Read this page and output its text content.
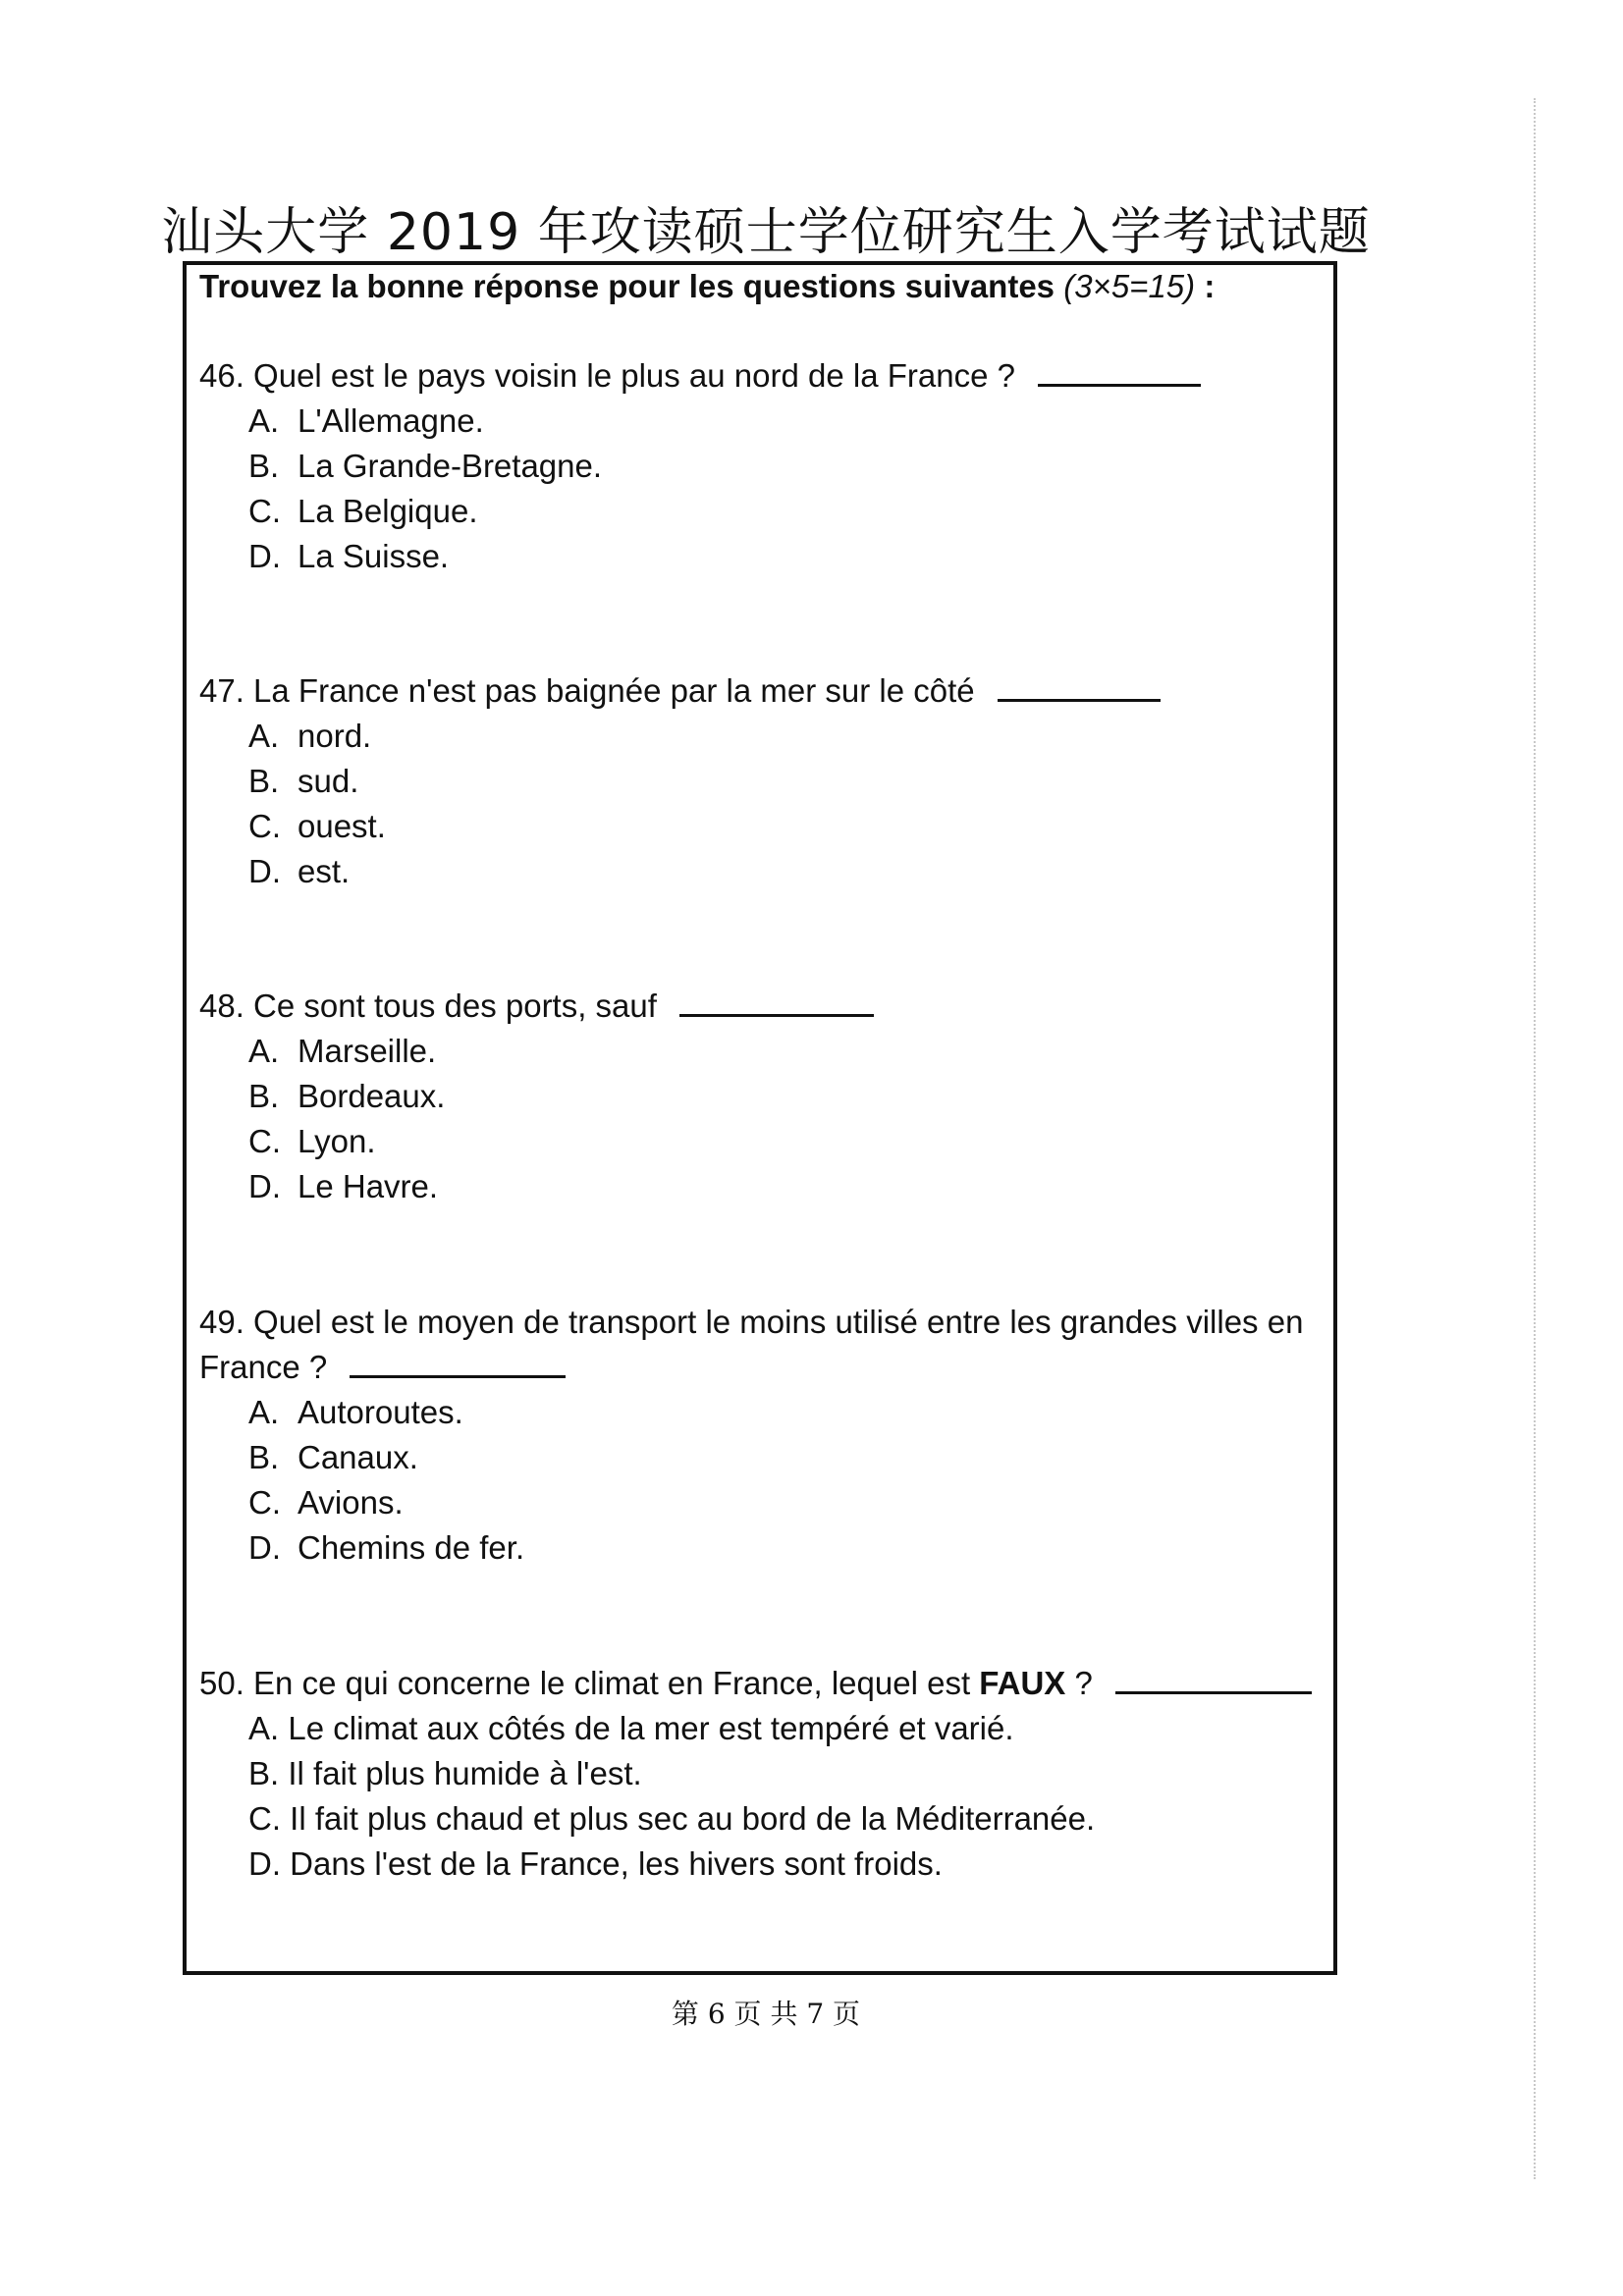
汕头大学 2019 年攻读硕士学位研究生入学考试试题
Trouvez la bonne réponse pour les questions suivantes (3×5=15) :
46. Quel est le pays voisin le plus au nord de la France ?
A. L'Allemagne.
B. La Grande-Bretagne.
C. La Belgique.
D. La Suisse.
47. La France n'est pas baignée par la mer sur le côté
A. nord.
B. sud.
C. ouest.
D. est.
48. Ce sont tous des ports, sauf
A. Marseille.
B. Bordeaux.
C. Lyon.
D. Le Havre.
49. Quel est le moyen de transport le moins utilisé entre les grandes villes en France ?
A. Autoroutes.
B. Canaux.
C. Avions.
D. Chemins de fer.
50. En ce qui concerne le climat en France, lequel est FAUX ?
A. Le climat aux côtés de la mer est tempéré et varié.
B. Il fait plus humide à l'est.
C. Il fait plus chaud et plus sec au bord de la Méditerranée.
D. Dans l'est de la France, les hivers sont froids.
第 6 页 共 7 页
